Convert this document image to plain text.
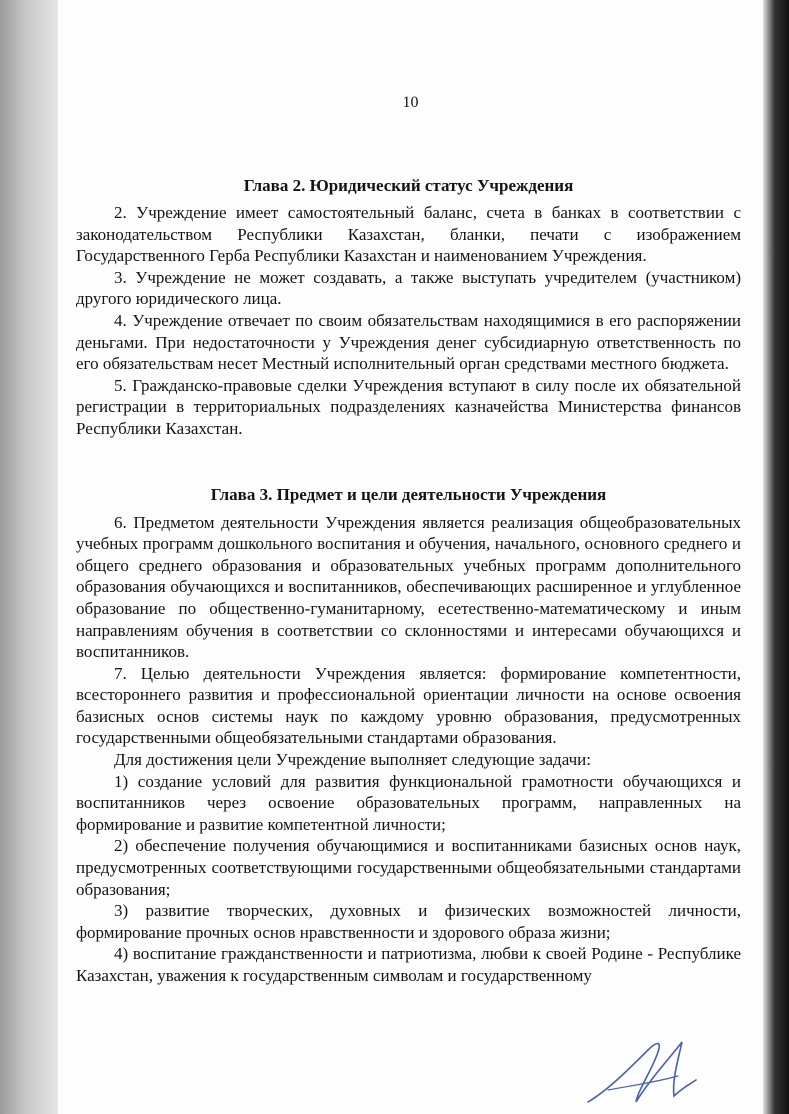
10
Глава 2. Юридический статус Учреждения

2. Учреждение имеет самостоятельный баланс, счета в банках в соответствии с законодательством Республики Казахстан, бланки, печати с изображением Государственного Герба Республики Казахстан и наименованием Учреждения.

3. Учреждение не может создавать, а также выступать учредителем (участником) другого юридического лица.

4. Учреждение отвечает по своим обязательствам находящимися в его распоряжении деньгами. При недостаточности у Учреждения денег субсидиарную ответственность по его обязательствам несет Местный исполнительный орган средствами местного бюджета.

5. Гражданско-правовые сделки Учреждения вступают в силу после их обязательной регистрации в территориальных подразделениях казначейства Министерства финансов Республики Казахстан.

Глава 3. Предмет и цели деятельности Учреждения

6. Предметом деятельности Учреждения является реализация общеобразовательных учебных программ дошкольного воспитания и обучения, начального, основного среднего и общего среднего образования и образовательных учебных программ дополнительного образования обучающихся и воспитанников, обеспечивающих расширенное и углубленное образование по общественно-гуманитарному, есетественно-математическому и иным направлениям обучения в соответствии со склонностями и интересами обучающихся и воспитанников.

7. Целью деятельности Учреждения является: формирование компетентности, всестороннего развития и профессиональной ориентации личности на основе освоения базисных основ системы наук по каждому уровню образования, предусмотренных государственными общеобязательными стандартами образования.

Для достижения цели Учреждение выполняет следующие задачи:

1) создание условий для развития функциональной грамотности обучающихся и воспитанников через освоение образовательных программ, направленных на формирование и развитие компетентной личности;

2) обеспечение получения обучающимися и воспитанниками базисных основ наук, предусмотренных соответствующими государственными общеобязательными стандартами образования;

3) развитие творческих, духовных и физических возможностей личности, формирование прочных основ нравственности и здорового образа жизни;

4) воспитание гражданственности и патриотизма, любви к своей Родине - Республике Казахстан, уважения к государственным символам и государственному
